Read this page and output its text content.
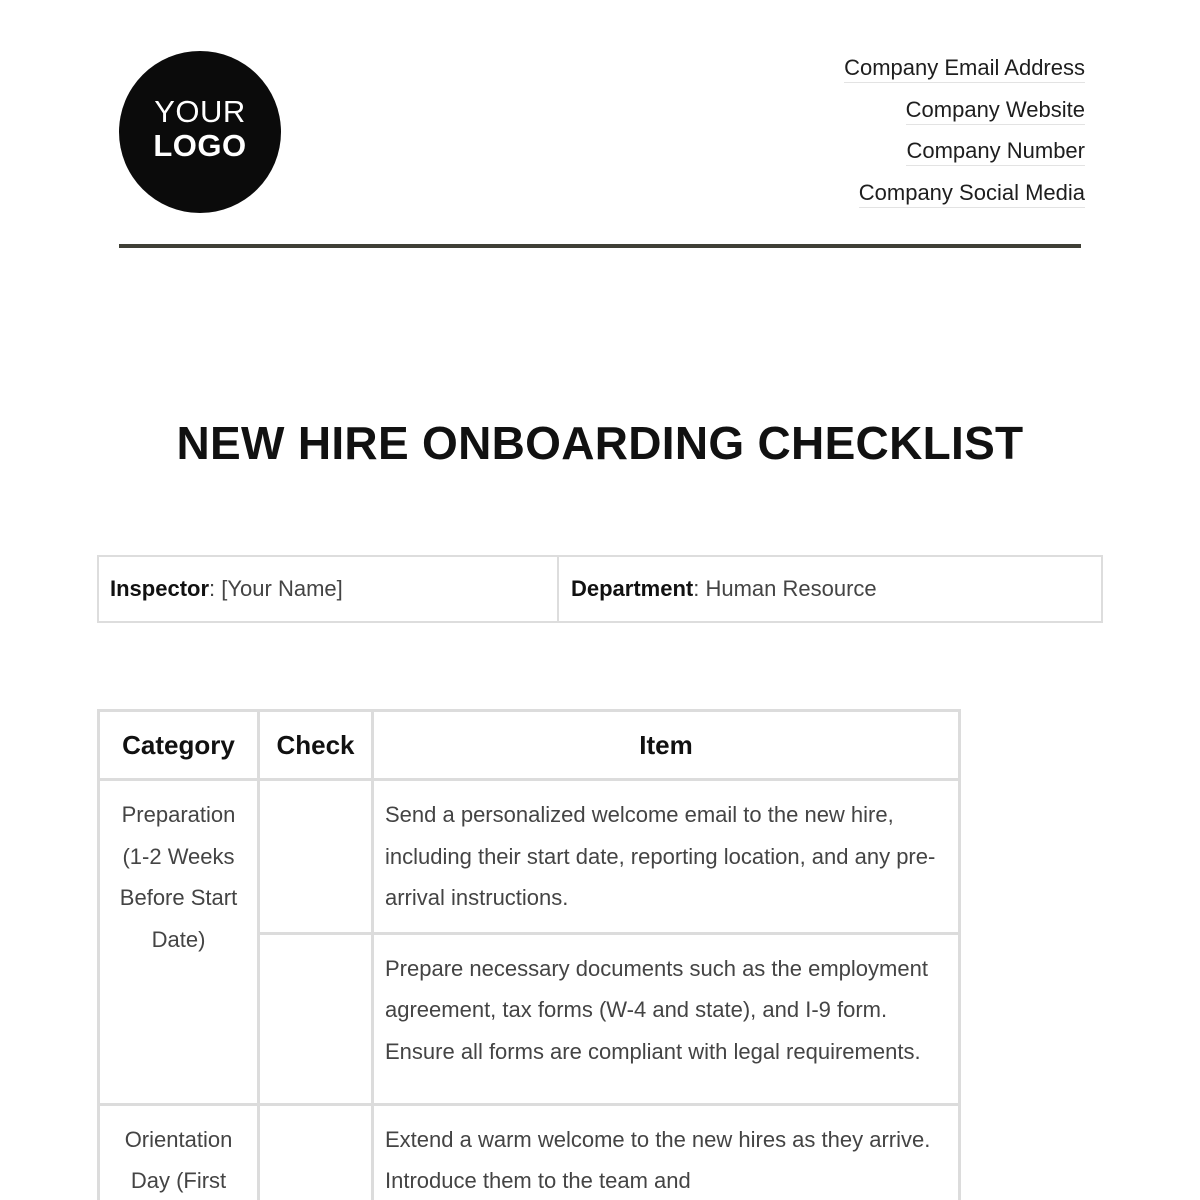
YOUR
LOGO
Company Email Address
Company Website
Company Number
Company Social Media
NEW HIRE ONBOARDING CHECKLIST
Inspector : [Your Name]	Department : Human Resource
Category	Check	Item
Preparation (1-2 Weeks Before Start Date)		Send a personalized welcome email to the new hire, including their start date, reporting location, and any pre-arrival instructions.
		Prepare necessary documents such as the employment agreement, tax forms (W-4 and state), and I-9 form. Ensure all forms are compliant with legal requirements.
Orientation Day (First		Extend a warm welcome to the new hires as they arrive. Introduce them to the team and
